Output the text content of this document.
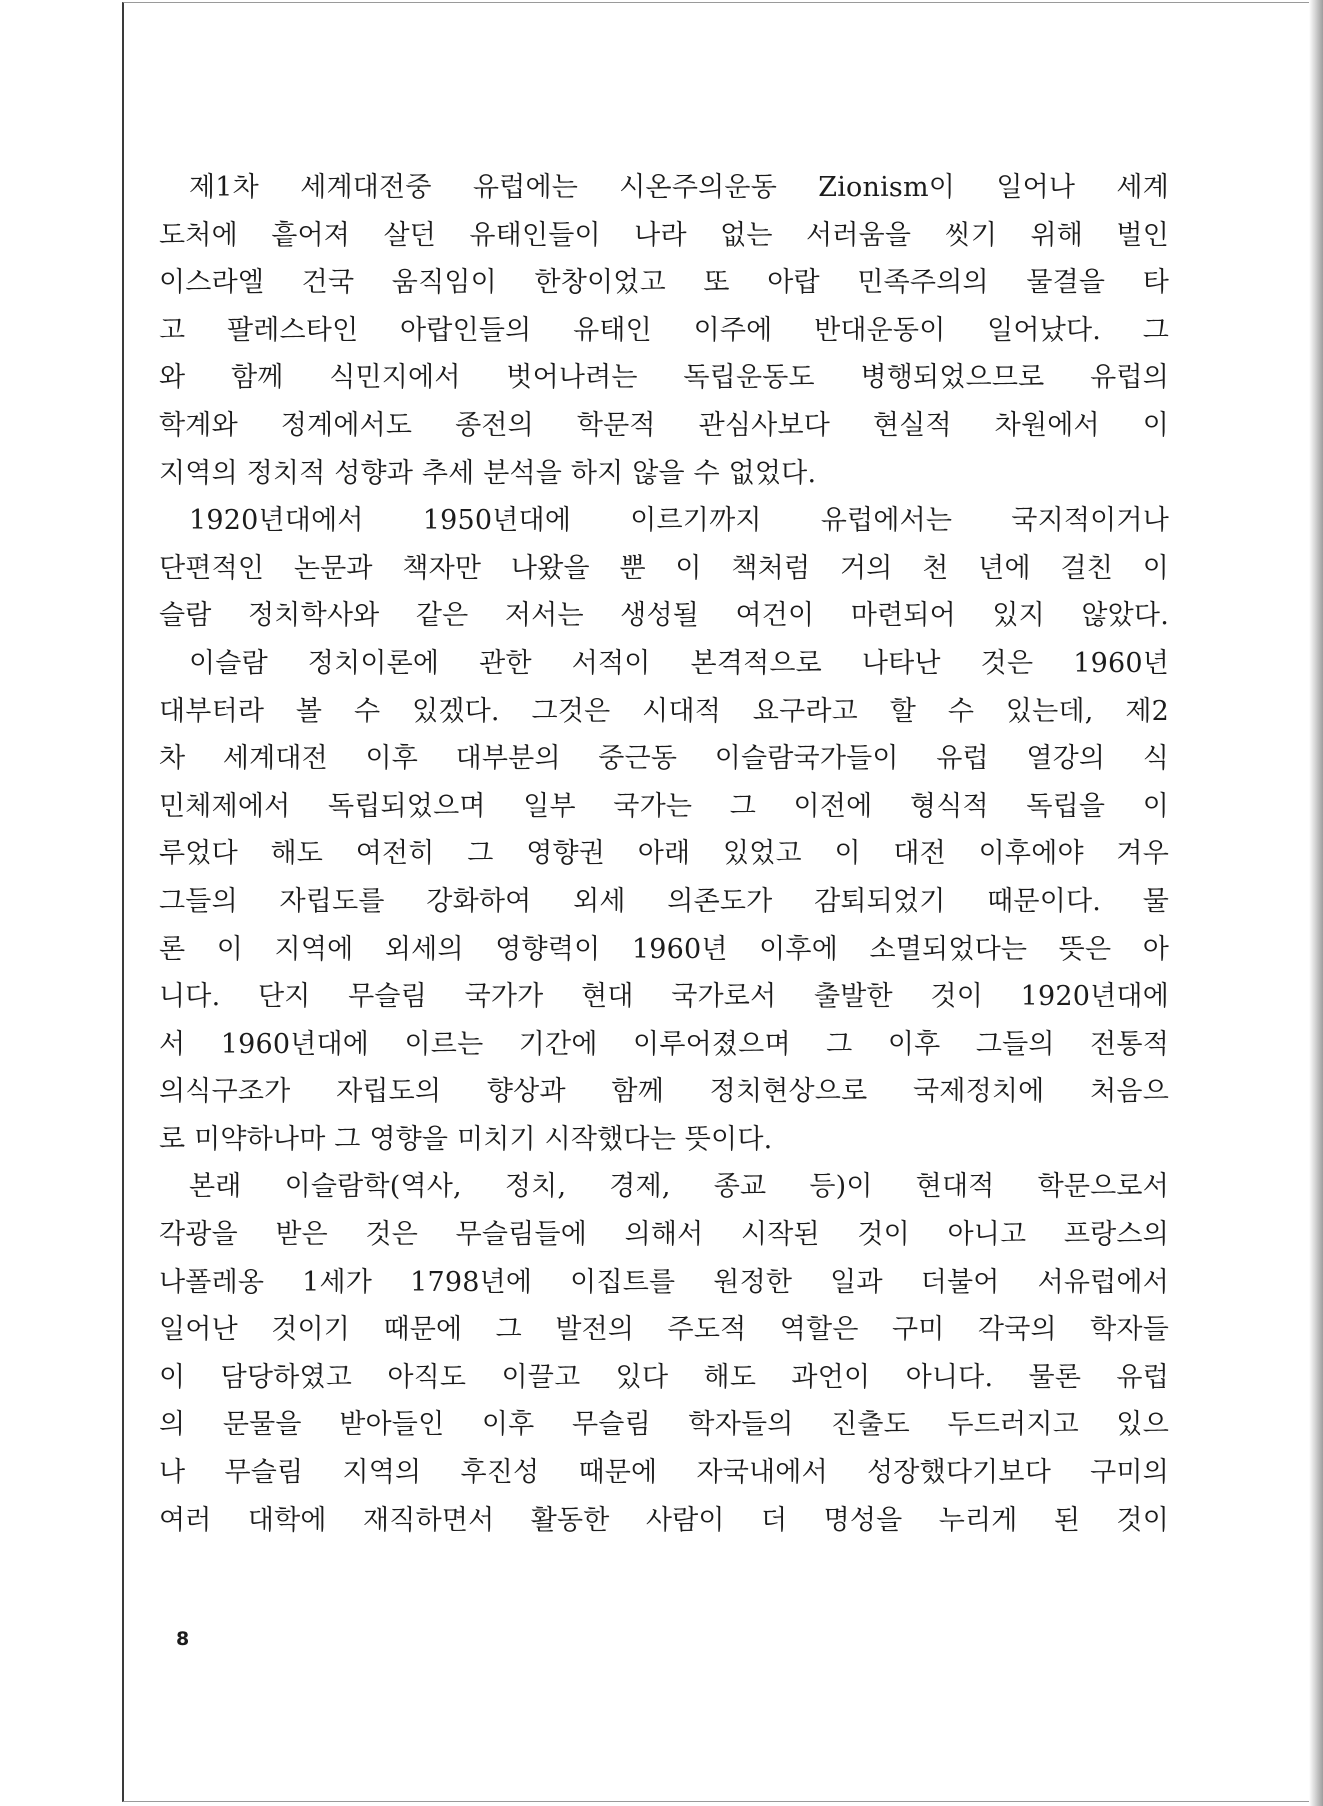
제1차 세계대전중 유럽에는 시온주의운동 Zionism이 일어나 세계
도처에 흩어져 살던 유태인들이 나라 없는 서러움을 씻기 위해 벌인
이스라엘 건국 움직임이 한창이었고 또 아랍 민족주의의 물결을 타
고 팔레스타인 아랍인들의 유태인 이주에 반대운동이 일어났다. 그
와 함께 식민지에서 벗어나려는 독립운동도 병행되었으므로 유럽의
학계와 정계에서도 종전의 학문적 관심사보다 현실적 차원에서 이
지역의 정치적 성향과 추세 분석을 하지 않을 수 없었다.
1920년대에서 1950년대에 이르기까지 유럽에서는 국지적이거나
단편적인 논문과 책자만 나왔을 뿐 이 책처럼 거의 천 년에 걸친 이
슬람 정치학사와 같은 저서는 생성될 여건이 마련되어 있지 않았다.
이슬람 정치이론에 관한 서적이 본격적으로 나타난 것은 1960년
대부터라 볼 수 있겠다. 그것은 시대적 요구라고 할 수 있는데, 제2
차 세계대전 이후 대부분의 중근동 이슬람국가들이 유럽 열강의 식
민체제에서 독립되었으며 일부 국가는 그 이전에 형식적 독립을 이
루었다 해도 여전히 그 영향권 아래 있었고 이 대전 이후에야 겨우
그들의 자립도를 강화하여 외세 의존도가 감퇴되었기 때문이다. 물
론 이 지역에 외세의 영향력이 1960년 이후에 소멸되었다는 뜻은 아
니다. 단지 무슬림 국가가 현대 국가로서 출발한 것이 1920년대에
서 1960년대에 이르는 기간에 이루어졌으며 그 이후 그들의 전통적
의식구조가 자립도의 향상과 함께 정치현상으로 국제정치에 처음으
로 미약하나마 그 영향을 미치기 시작했다는 뜻이다.
본래 이슬람학(역사, 정치, 경제, 종교 등)이 현대적 학문으로서
각광을 받은 것은 무슬림들에 의해서 시작된 것이 아니고 프랑스의
나폴레옹 1세가 1798년에 이집트를 원정한 일과 더불어 서유럽에서
일어난 것이기 때문에 그 발전의 주도적 역할은 구미 각국의 학자들
이 담당하였고 아직도 이끌고 있다 해도 과언이 아니다. 물론 유럽
의 문물을 받아들인 이후 무슬림 학자들의 진출도 두드러지고 있으
나 무슬림 지역의 후진성 때문에 자국내에서 성장했다기보다 구미의
여러 대학에 재직하면서 활동한 사람이 더 명성을 누리게 된 것이
8
